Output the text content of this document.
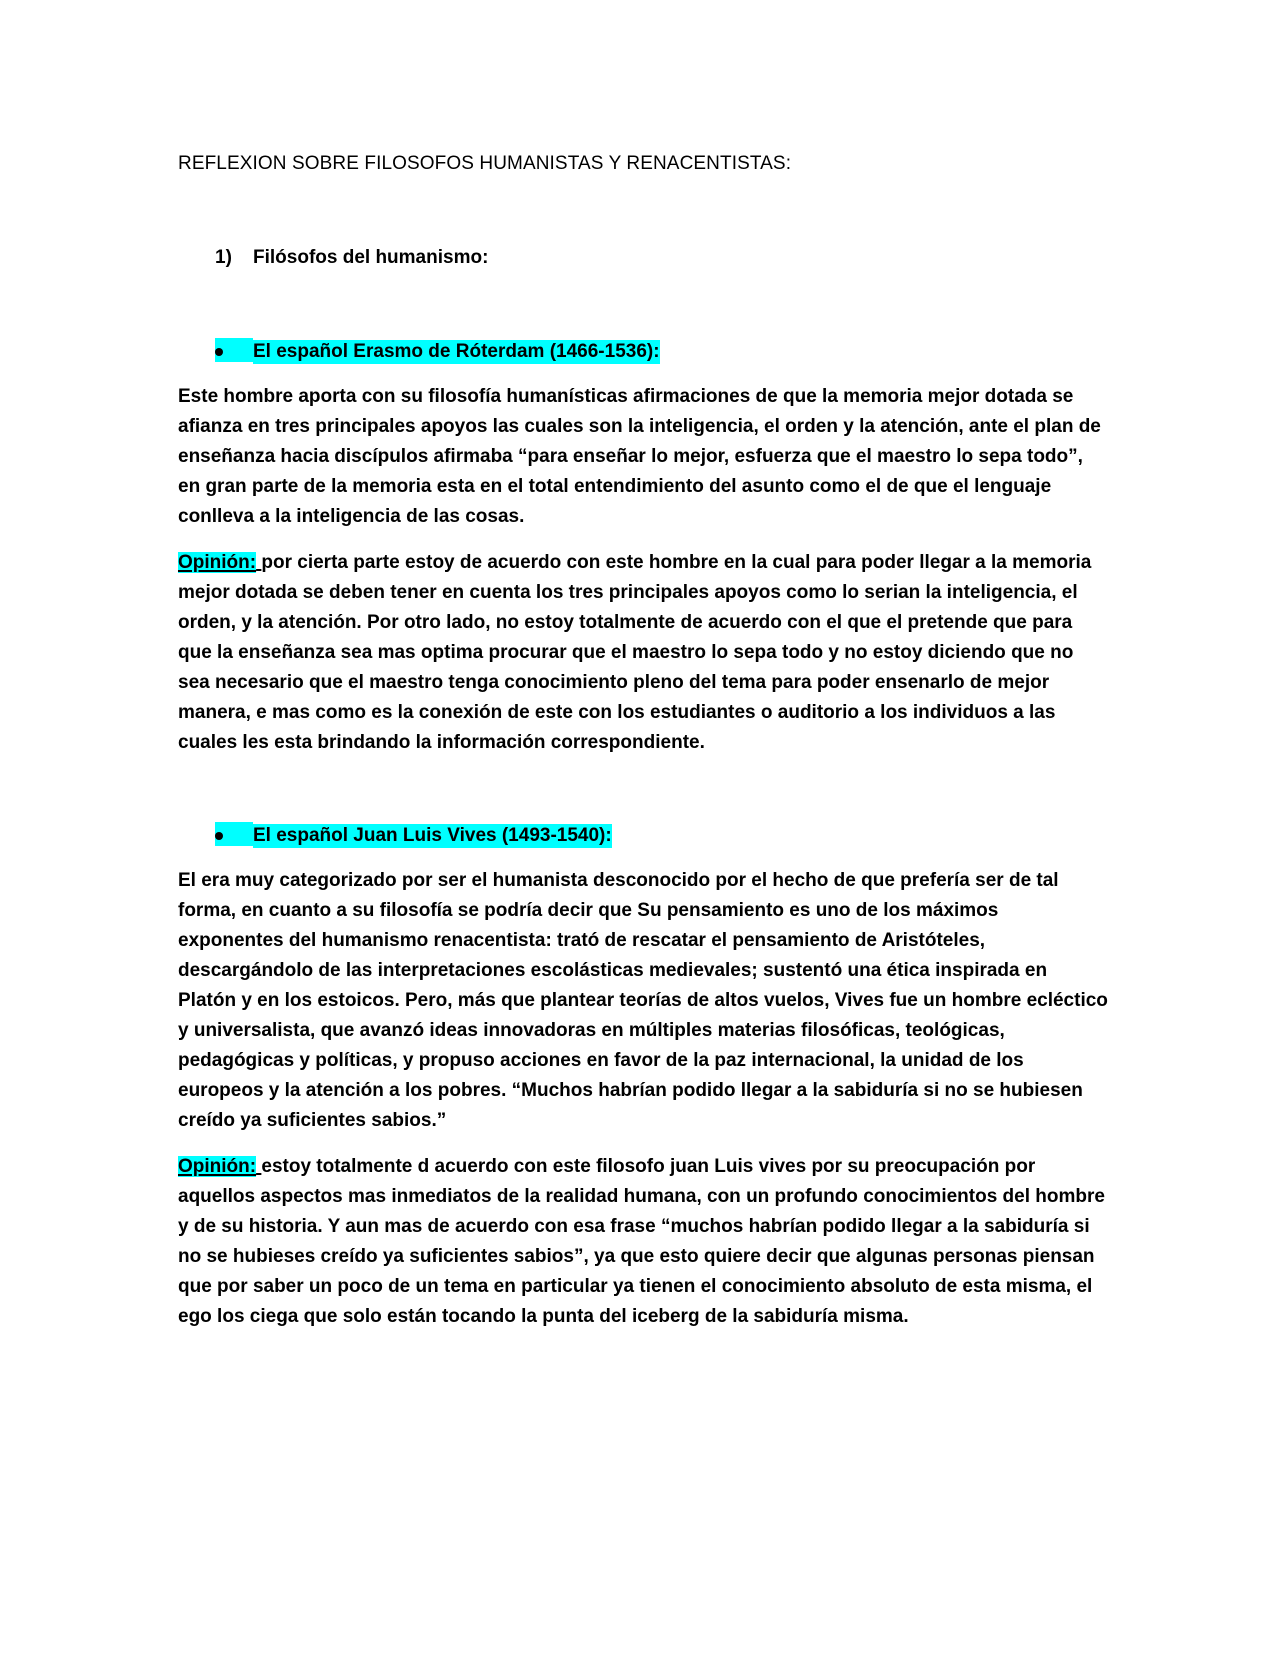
REFLEXION SOBRE FILOSOFOS HUMANISTAS Y RENACENTISTAS:
1)	Filósofos del humanismo:
El español Erasmo de Róterdam (1466-1536):

Este hombre aporta con su filosofía humanísticas afirmaciones de que la memoria mejor dotada se afianza en tres principales apoyos las cuales son la inteligencia, el orden y la atención, ante el plan de enseñanza hacia discípulos afirmaba “para enseñar lo mejor, esfuerza que el maestro lo sepa todo”, en gran parte de la memoria esta en el total entendimiento del asunto como el de que el lenguaje conlleva a la inteligencia de las cosas.

Opinión: por cierta parte estoy de acuerdo con este hombre en la cual para poder llegar a la memoria mejor dotada se deben tener en cuenta los tres principales apoyos como lo serian la inteligencia, el orden, y la atención. Por otro lado, no estoy totalmente de acuerdo con el que el pretende que para que la enseñanza sea mas optima procurar que el maestro lo sepa todo y no estoy diciendo que no sea necesario que el maestro tenga conocimiento pleno del tema para poder ensenarlo de mejor manera, e mas como es la conexión de este con los estudiantes o auditorio a los individuos a las cuales les esta brindando la información correspondiente.

El español Juan Luis Vives (1493-1540):

El era muy categorizado por ser el humanista desconocido por el hecho de que prefería ser de tal forma, en cuanto a su filosofía se podría decir que Su pensamiento es uno de los máximos exponentes del humanismo renacentista: trató de rescatar el pensamiento de Aristóteles, descargándolo de las interpretaciones escolásticas medievales; sustentó una ética inspirada en Platón y en los estoicos. Pero, más que plantear teorías de altos vuelos, Vives fue un hombre ecléctico y universalista, que avanzó ideas innovadoras en múltiples materias filosóficas, teológicas, pedagógicas y políticas, y propuso acciones en favor de la paz internacional, la unidad de los europeos y la atención a los pobres. “Muchos habrían podido llegar a la sabiduría si no se hubiesen creído ya suficientes sabios.”

Opinión: estoy totalmente d acuerdo con este filosofo juan Luis vives por su preocupación por aquellos aspectos mas inmediatos de la realidad humana, con un profundo conocimientos del hombre y de su historia. Y aun mas de acuerdo con esa frase “muchos habrían podido llegar a la sabiduría si no se hubieses creído ya suficientes sabios”, ya que esto quiere decir que algunas personas piensan que por saber un poco de un tema en particular ya tienen el conocimiento absoluto de esta misma, el ego los ciega que solo están tocando la punta del iceberg de la sabiduría misma.
